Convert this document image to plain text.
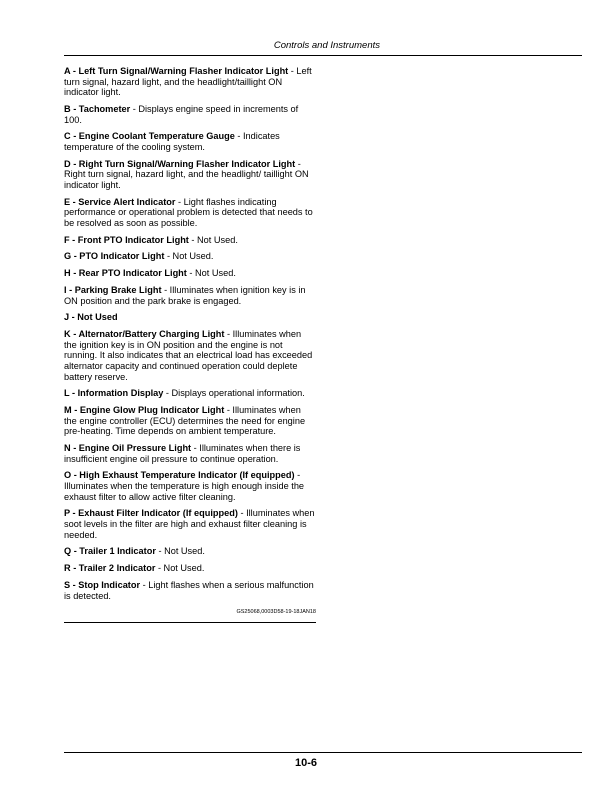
Controls and Instruments

A - Left Turn Signal/Warning Flasher Indicator Light - Left turn signal, hazard light, and the headlight/taillight ON indicator light.

B - Tachometer - Displays engine speed in increments of 100.

C - Engine Coolant Temperature Gauge - Indicates temperature of the cooling system.

D - Right Turn Signal/Warning Flasher Indicator Light - Right turn signal, hazard light, and the headlight/ taillight ON indicator light.

E - Service Alert Indicator - Light flashes indicating performance or operational problem is detected that needs to be resolved as soon as possible.

F - Front PTO Indicator Light - Not Used.

G - PTO Indicator Light - Not Used.

H - Rear PTO Indicator Light - Not Used.

I - Parking Brake Light - Illuminates when ignition key is in ON position and the park brake is engaged.

J - Not Used

K - Alternator/Battery Charging Light - Illuminates when the ignition key is in ON position and the engine is not running. It also indicates that an electrical load has exceeded alternator capacity and continued operation could deplete battery reserve.

L - Information Display - Displays operational information.

M - Engine Glow Plug Indicator Light - Illuminates when the engine controller (ECU) determines the need for engine pre-heating. Time depends on ambient temperature.

N - Engine Oil Pressure Light - Illuminates when there is insufficient engine oil pressure to continue operation.

O - High Exhaust Temperature Indicator (If equipped) - Illuminates when the temperature is high enough inside the exhaust filter to allow active filter cleaning.

P - Exhaust Filter Indicator (If equipped) - Illuminates when soot levels in the filter are high and exhaust filter cleaning is needed.

Q - Trailer 1 Indicator - Not Used.

R - Trailer 2 Indicator - Not Used.

S - Stop Indicator - Light flashes when a serious malfunction is detected.

GS25068,0003D58-19-18JAN18
10-6
